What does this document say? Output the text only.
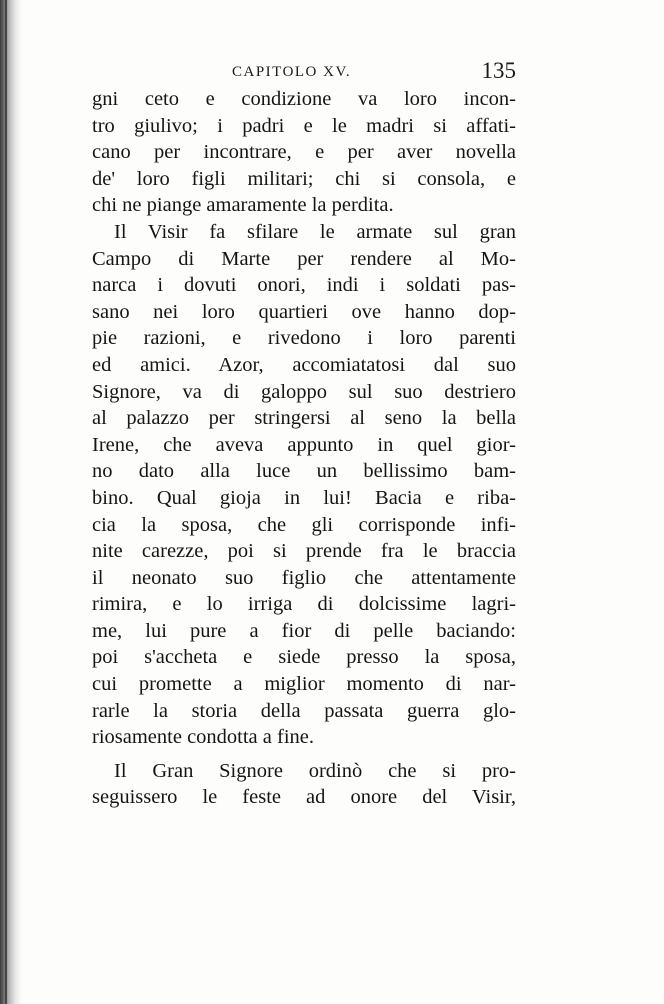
CAPITOLO XV.	135
gni ceto e condizione va loro incon-
tro giulivo; i padri e le madri si affati-
cano per incontrare, e per aver novella
de' loro figli militari; chi si consola, e
chi ne piange amaramente la perdita.
Il Visir fa sfilare le armate sul gran
Campo di Marte per rendere al Mo-
narca i dovuti onori, indi i soldati pas-
sano nei loro quartieri ove hanno dop-
pie razioni, e rivedono i loro parenti
ed amici. Azor, accomiatatosi dal suo
Signore, va di galoppo sul suo destriero
al palazzo per stringersi al seno la bella
Irene, che aveva appunto in quel gior-
no dato alla luce un bellissimo bam-
bino. Qual gioja in lui! Bacia e riba-
cia la sposa, che gli corrisponde infi-
nite carezze, poi si prende fra le braccia
il neonato suo figlio che attentamente
rimira, e lo irriga di dolcissime lagri-
me, lui pure a fior di pelle baciando:
poi s'accheta e siede presso la sposa,
cui promette a miglior momento di nar-
rarle la storia della passata guerra glo-
riosamente condotta a fine.
Il Gran Signore ordinò che si pro-
seguissero le feste ad onore del Visir,
